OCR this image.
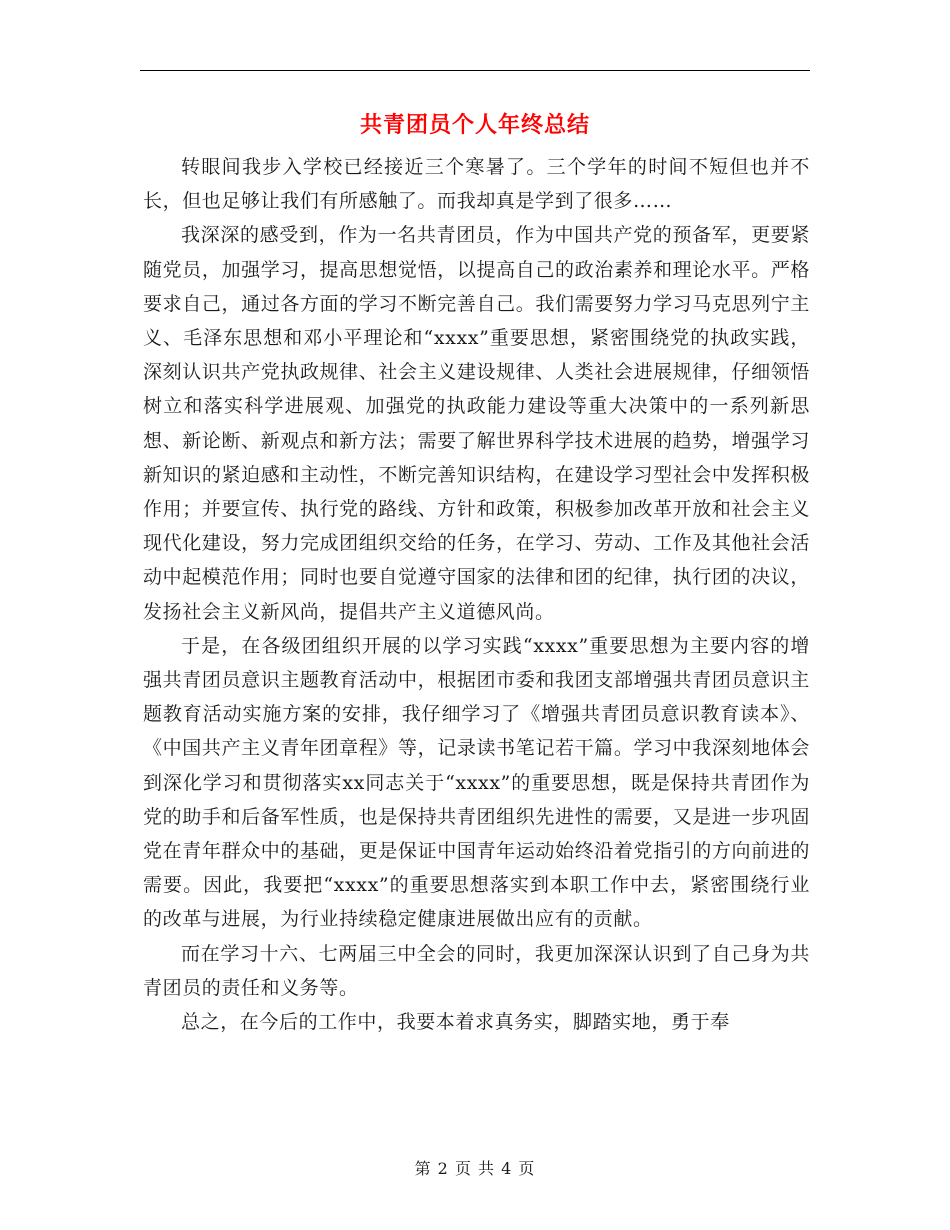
共青团员个人年终总结

转眼间我步入学校已经接近三个寒暑了。三个学年的时间不短但也并不长，但也足够让我们有所感触了。而我却真是学到了很多……

我深深的感受到，作为一名共青团员，作为中国共产党的预备军，更要紧随党员，加强学习，提高思想觉悟，以提高自己的政治素养和理论水平。严格要求自己，通过各方面的学习不断完善自己。我们需要努力学习马克思列宁主义、毛泽东思想和邓小平理论和“xxxx”重要思想，紧密围绕党的执政实践，深刻认识共产党执政规律、社会主义建设规律、人类社会进展规律，仔细领悟树立和落实科学进展观、加强党的执政能力建设等重大决策中的一系列新思想、新论断、新观点和新方法；需要了解世界科学技术进展的趋势，增强学习新知识的紧迫感和主动性，不断完善知识结构，在建设学习型社会中发挥积极作用；并要宣传、执行党的路线、方针和政策，积极参加改革开放和社会主义现代化建设，努力完成团组织交给的任务，在学习、劳动、工作及其他社会活动中起模范作用；同时也要自觉遵守国家的法律和团的纪律，执行团的决议，发扬社会主义新风尚，提倡共产主义道德风尚。

于是，在各级团组织开展的以学习实践“xxxx”重要思想为主要内容的增强共青团员意识主题教育活动中，根据团市委和我团支部增强共青团员意识主题教育活动实施方案的安排，我仔细学习了《增强共青团员意识教育读本》、《中国共产主义青年团章程》等，记录读书笔记若干篇。学习中我深刻地体会到深化学习和贯彻落实xx同志关于“xxxx”的重要思想，既是保持共青团作为党的助手和后备军性质，也是保持共青团组织先进性的需要，又是进一步巩固党在青年群众中的基础，更是保证中国青年运动始终沿着党指引的方向前进的需要。因此，我要把“xxxx”的重要思想落实到本职工作中去，紧密围绕行业的改革与进展，为行业持续稳定健康进展做出应有的贡献。

而在学习十六、七两届三中全会的同时，我更加深深认识到了自己身为共青团员的责任和义务等。

总之，在今后的工作中，我要本着求真务实，脚踏实地，勇于奉

第 2 页 共 4 页
